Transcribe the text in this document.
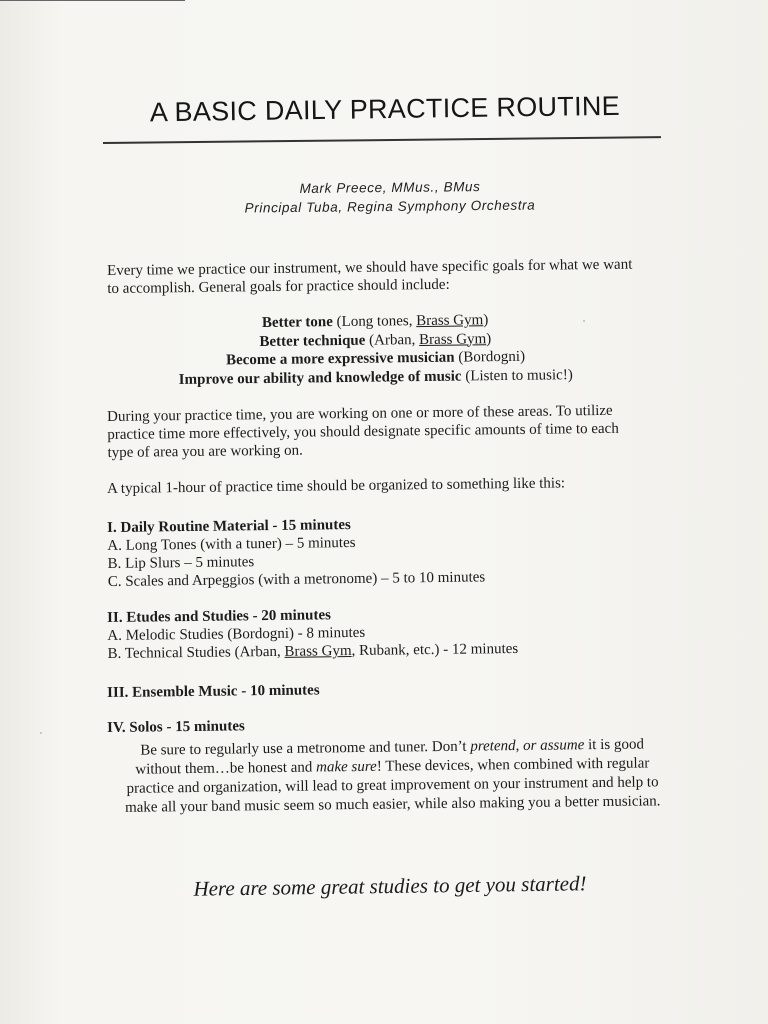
A BASIC DAILY PRACTICE ROUTINE
Mark Preece, MMus., BMus
Principal Tuba, Regina Symphony Orchestra
Every time we practice our instrument, we should have specific goals for what we want
to accomplish. General goals for practice should include:
Better tone (Long tones, Brass Gym)
Better technique (Arban, Brass Gym)
Become a more expressive musician (Bordogni)
Improve our ability and knowledge of music (Listen to music!)
During your practice time, you are working on one or more of these areas. To utilize
practice time more effectively, you should designate specific amounts of time to each
type of area you are working on.
A typical 1-hour of practice time should be organized to something like this:
I. Daily Routine Material - 15 minutes
A. Long Tones (with a tuner) – 5 minutes
B. Lip Slurs – 5 minutes
C. Scales and Arpeggios (with a metronome) – 5 to 10 minutes
II. Etudes and Studies - 20 minutes
A. Melodic Studies (Bordogni) - 8 minutes
B. Technical Studies (Arban, Brass Gym, Rubank, etc.) - 12 minutes
III. Ensemble Music - 10 minutes
IV. Solos - 15 minutes
Be sure to regularly use a metronome and tuner. Don’t pretend, or assume it is good
without them…be honest and make sure! These devices, when combined with regular
practice and organization, will lead to great improvement on your instrument and help to
make all your band music seem so much easier, while also making you a better musician.
Here are some great studies to get you started!
